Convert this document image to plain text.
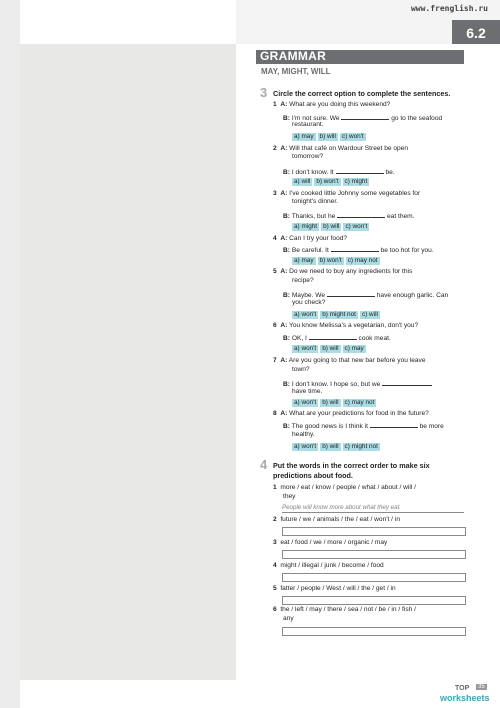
www.frenglish.ru
6.2
GRAMMAR
MAY, MIGHT, WILL
3 Circle the correct option to complete the sentences.
1 A: What are you doing this weekend?
B: I'm not sure. We	go to the seafood
restaurant.
a) may b) will c) won't
2 A: Will that café on Wardour Street be open
tomorrow?
B: I don't know. It	be.
a) will b) won't c) might
3 A: I've cooked little Johnny some vegetables for
tonight's dinner.
B: Thanks, but he	eat them.
a) might b) will c) won't
4 A: Can I try your food?
B: Be careful. It	be too hot for you.
a) may b) won't c) may not
5 A: Do we need to buy any ingredients for this
recipe?
B: Maybe. We	have enough garlic. Can
you check?
a) won't b) might not c) will
6 A: You know Melissa's a vegetarian, don't you?
B: OK, I	cook meat.
a) won't b) will c) may
7 A: Are you going to that new bar before you leave
town?
B: I don't know. I hope so, but we
have time.
a) won't b) will c) may not
8 A: What are your predictions for food in the future?
B: The good news is I think it	be more
healthy.
a) won't b) will c) might not
4 Put the words in the correct order to make six
predictions about food.
1 more / eat / know / people / what / about / will /
they
People will know more about what they eat.
2 future / we / animals / the / eat / won't / in
3 eat / food / we / more / organic / may
4 might / illegal / junk / become / food
5 fatter / people / West / will / the / get / in
6 the / left / may / there / sea / not / be / in / fish /
any
TOP	35
worksheets
